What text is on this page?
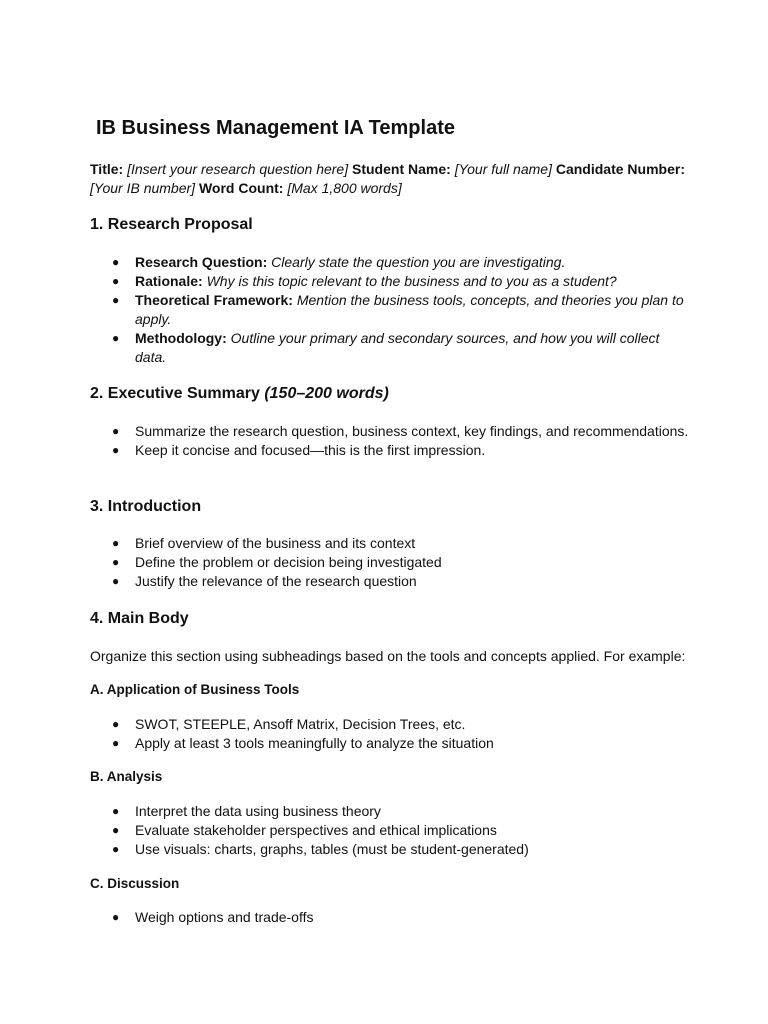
IB Business Management IA Template

Title: [Insert your research question here] Student Name: [Your full name] Candidate Number: [Your IB number] Word Count: [Max 1,800 words]

1. Research Proposal
● Research Question: Clearly state the question you are investigating.
● Rationale: Why is this topic relevant to the business and to you as a student?
● Theoretical Framework: Mention the business tools, concepts, and theories you plan to apply.
● Methodology: Outline your primary and secondary sources, and how you will collect data.
2. Executive Summary (150–200 words)
● Summarize the research question, business context, key findings, and recommendations.
● Keep it concise and focused—this is the first impression.
3. Introduction
● Brief overview of the business and its context
● Define the problem or decision being investigated
● Justify the relevance of the research question
4. Main Body

Organize this section using subheadings based on the tools and concepts applied. For example:

A. Application of Business Tools
● SWOT, STEEPLE, Ansoff Matrix, Decision Trees, etc.
● Apply at least 3 tools meaningfully to analyze the situation
B. Analysis
● Interpret the data using business theory
● Evaluate stakeholder perspectives and ethical implications
● Use visuals: charts, graphs, tables (must be student-generated)
C. Discussion
● Weigh options and trade-offs
